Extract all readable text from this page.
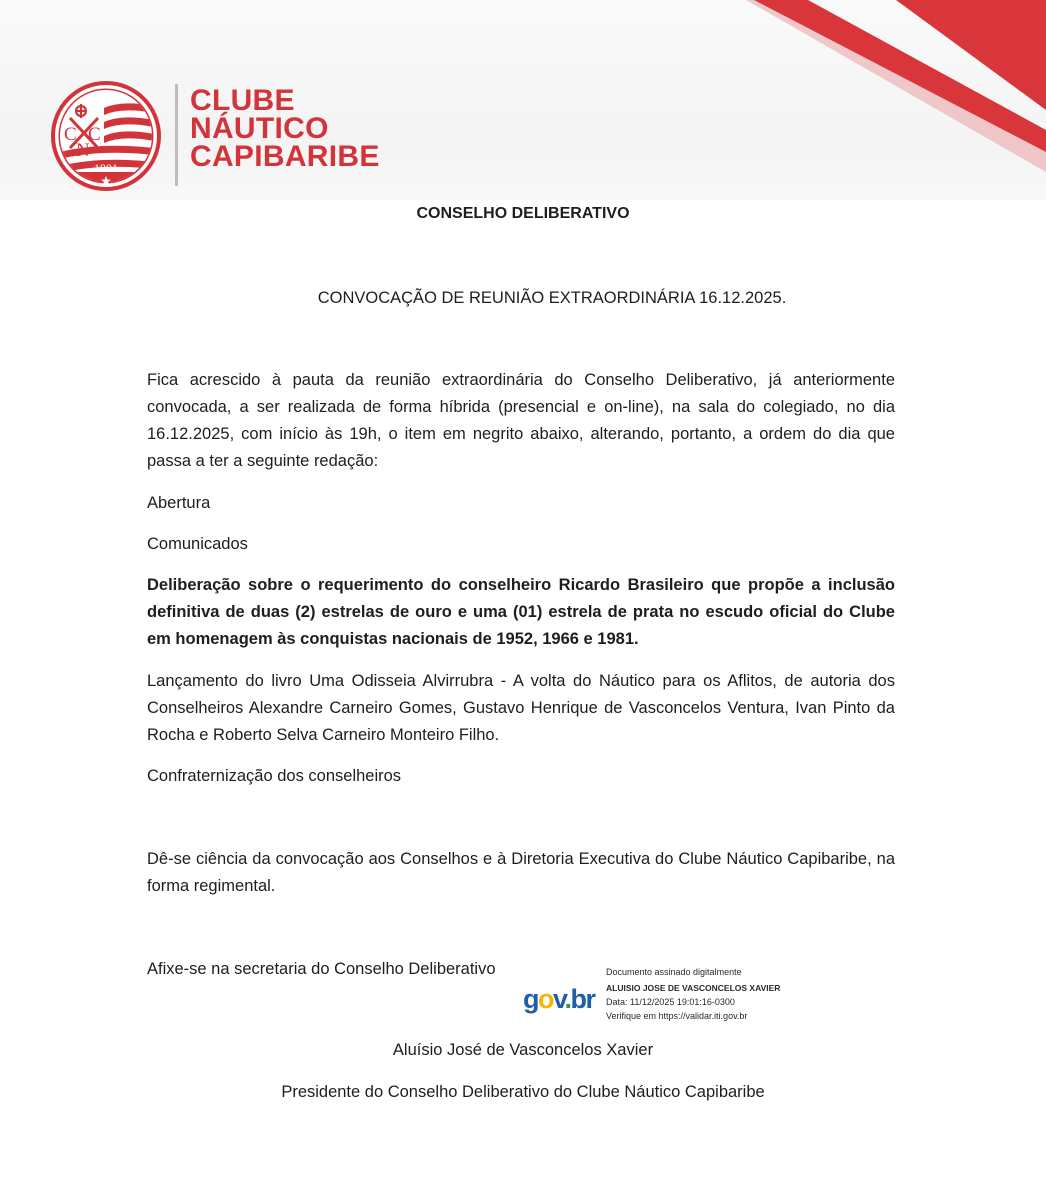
C C
N
1901
CLUBE
NÁUTICO
CAPIBARIBE
CONSELHO DELIBERATIVO
CONVOCAÇÃO DE REUNIÃO EXTRAORDINÁRIA 16.12.2025.
Fica acrescido à pauta da reunião extraordinária do Conselho Deliberativo, já anteriormente convocada, a ser realizada de forma híbrida (presencial e on-line), na sala do colegiado, no dia 16.12.2025, com início às 19h, o item em negrito abaixo, alterando, portanto, a ordem do dia que passa a ter a seguinte redação:
Abertura
Comunicados
Deliberação sobre o requerimento do conselheiro Ricardo Brasileiro que propõe a inclusão definitiva de duas (2) estrelas de ouro e uma (01) estrela de prata no escudo oficial do Clube em homenagem às conquistas nacionais de 1952, 1966 e 1981.
Lançamento do livro Uma Odisseia Alvirrubra - A volta do Náutico para os Aflitos, de autoria dos Conselheiros Alexandre Carneiro Gomes, Gustavo Henrique de Vasconcelos Ventura, Ivan Pinto da Rocha e Roberto Selva Carneiro Monteiro Filho.
Confraternização dos conselheiros
Dê-se ciência da convocação aos Conselhos e à Diretoria Executiva do Clube Náutico Capibaribe, na forma regimental.
Afixe-se na secretaria do Conselho Deliberativo
gov.br
Documento assinado digitalmente
ALUISIO JOSE DE VASCONCELOS XAVIER
Data: 11/12/2025 19:01:16-0300
Verifique em https://validar.iti.gov.br
Aluísio José de Vasconcelos Xavier
Presidente do Conselho Deliberativo do Clube Náutico Capibaribe
